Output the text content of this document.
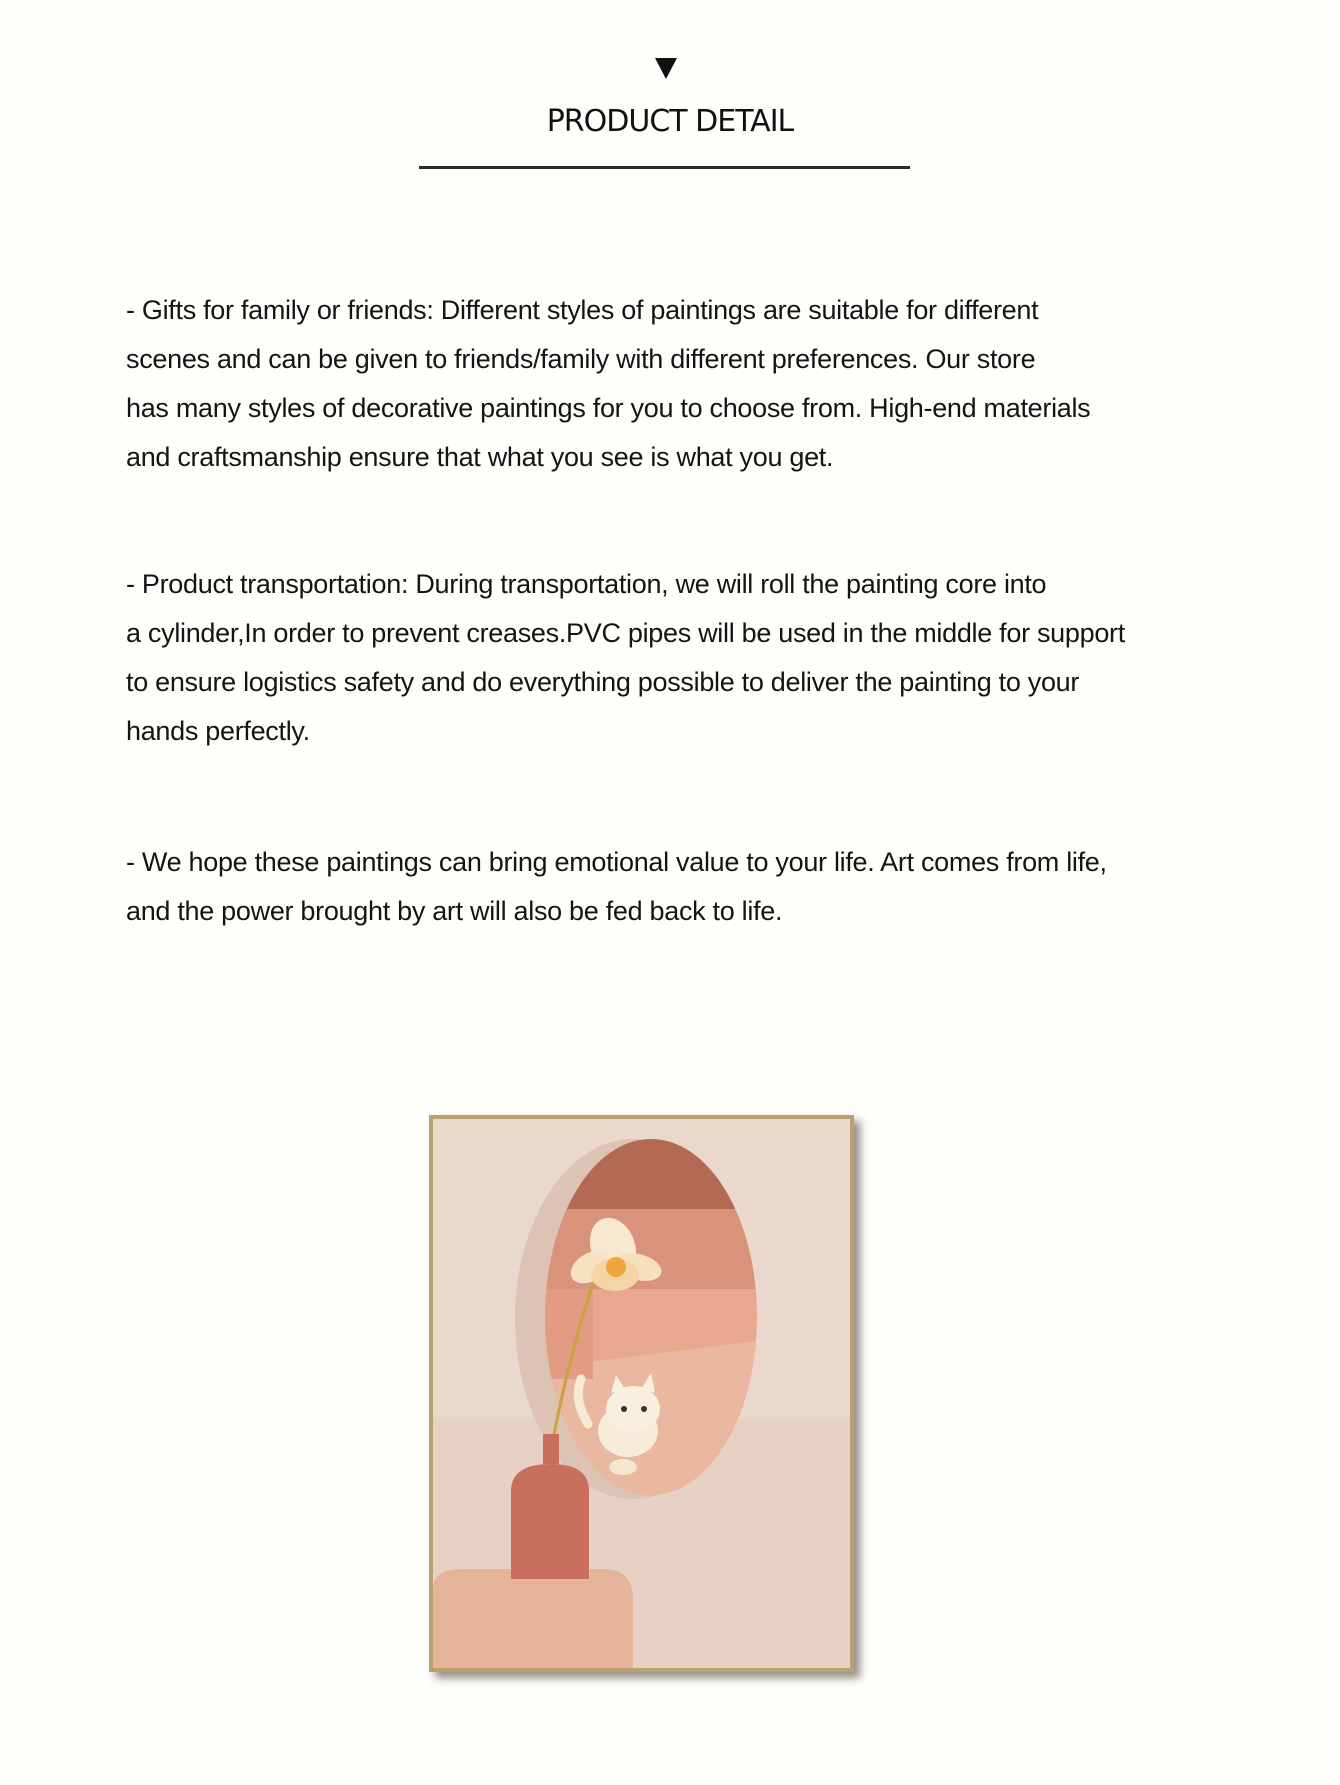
PRODUCT DETAIL

- Gifts for family or friends: Different styles of paintings are suitable for different
scenes and can be given to friends/family with different preferences. Our store
has many styles of decorative paintings for you to choose from. High-end materials
and craftsmanship ensure that what you see is what you get.

- Product transportation: During transportation, we will roll the painting core into
a cylinder,In order to prevent creases.PVC pipes will be used in the middle for support
to ensure logistics safety and do everything possible to deliver the painting to your
hands perfectly.

- We hope these paintings can bring emotional value to your life. Art comes from life,
and the power brought by art will also be fed back to life.
